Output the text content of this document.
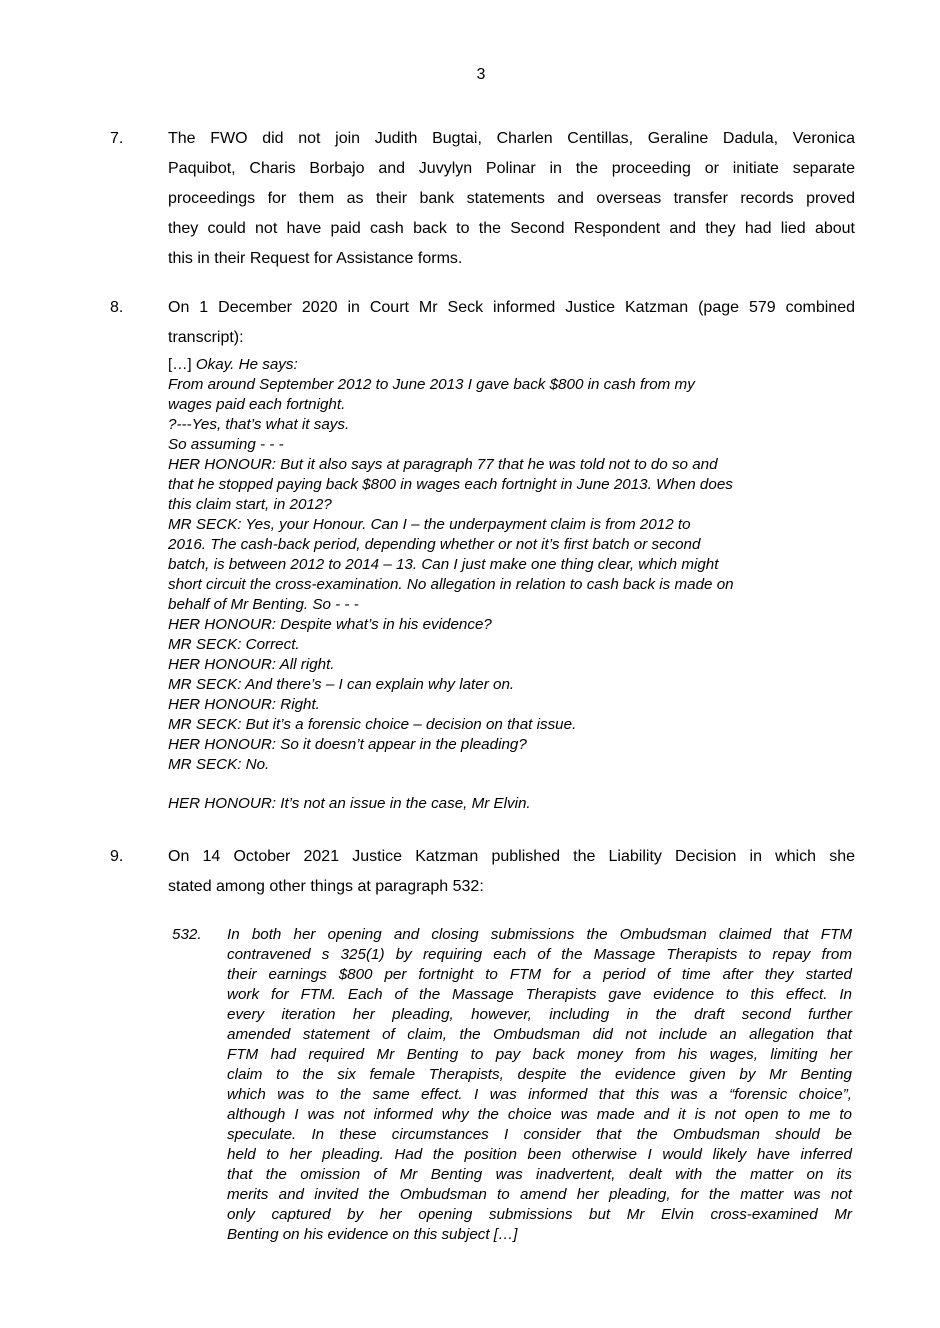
3
7.	The FWO did not join Judith Bugtai, Charlen Centillas, Geraline Dadula, Veronica
Paquibot, Charis Borbajo and Juvylyn Polinar in the proceeding or initiate separate
proceedings for them as their bank statements and overseas transfer records proved
they could not have paid cash back to the Second Respondent and they had lied about
this in their Request for Assistance forms.
8.	On 1 December 2020 in Court Mr Seck informed Justice Katzman (page 579 combined
transcript):
[…] Okay. He says:
From around September 2012 to June 2013 I gave back $800 in cash from my
wages paid each fortnight.
?---Yes, that’s what it says.
So assuming - - -
HER HONOUR: But it also says at paragraph 77 that he was told not to do so and
that he stopped paying back $800 in wages each fortnight in June 2013. When does
this claim start, in 2012?
MR SECK: Yes, your Honour. Can I – the underpayment claim is from 2012 to
2016. The cash-back period, depending whether or not it’s first batch or second
batch, is between 2012 to 2014 – 13. Can I just make one thing clear, which might
short circuit the cross-examination. No allegation in relation to cash back is made on
behalf of Mr Benting. So - - -
HER HONOUR: Despite what’s in his evidence?
MR SECK: Correct.
HER HONOUR: All right.
MR SECK: And there’s – I can explain why later on.
HER HONOUR: Right.
MR SECK: But it’s a forensic choice – decision on that issue.
HER HONOUR: So it doesn’t appear in the pleading?
MR SECK: No.
HER HONOUR: It’s not an issue in the case, Mr Elvin.
9.	On 14 October 2021 Justice Katzman published the Liability Decision in which she
stated among other things at paragraph 532:
532. In both her opening and closing submissions the Ombudsman claimed that FTM
contravened s 325(1) by requiring each of the Massage Therapists to repay from
their earnings $800 per fortnight to FTM for a period of time after they started
work for FTM. Each of the Massage Therapists gave evidence to this effect. In
every iteration her pleading, however, including in the draft second further
amended statement of claim, the Ombudsman did not include an allegation that
FTM had required Mr Benting to pay back money from his wages, limiting her
claim to the six female Therapists, despite the evidence given by Mr Benting
which was to the same effect. I was informed that this was a “forensic choice”,
although I was not informed why the choice was made and it is not open to me to
speculate. In these circumstances I consider that the Ombudsman should be
held to her pleading. Had the position been otherwise I would likely have inferred
that the omission of Mr Benting was inadvertent, dealt with the matter on its
merits and invited the Ombudsman to amend her pleading, for the matter was not
only captured by her opening submissions but Mr Elvin cross-examined Mr
Benting on his evidence on this subject […]
